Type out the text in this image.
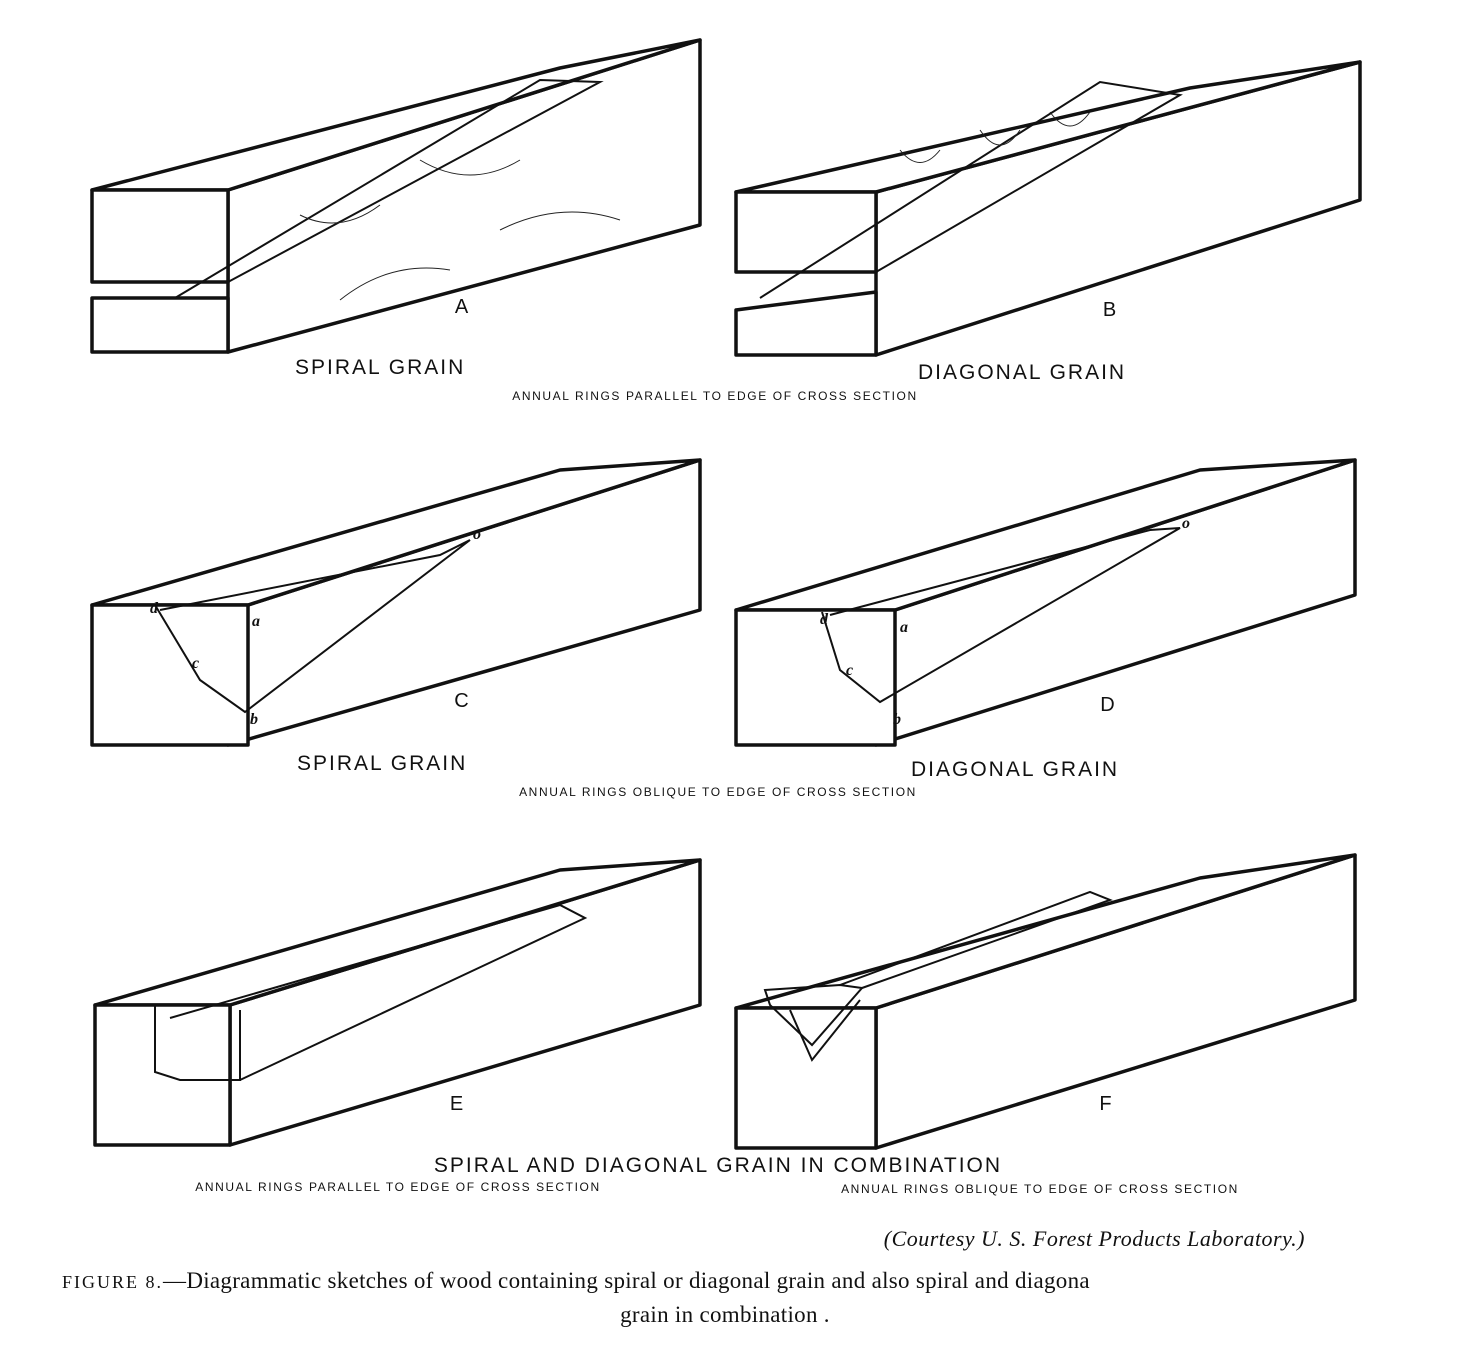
A	B
SPIRAL GRAIN	DIAGONAL GRAIN
ANNUAL RINGS PARALLEL TO EDGE OF CROSS SECTION
o
d
a
c
b
C
o
d	a
c
b
D
SPIRAL GRAIN	DIAGONAL GRAIN
ANNUAL RINGS OBLIQUE TO EDGE OF CROSS SECTION
E	F
SPIRAL AND DIAGONAL GRAIN IN COMBINATION
ANNUAL RINGS PARALLEL TO EDGE OF CROSS SECTION	ANNUAL RINGS OBLIQUE TO EDGE OF CROSS SECTION
(Courtesy U. S. Forest Products Laboratory.)
FIGURE 8.—Diagrammatic sketches of wood containing spiral or diagonal grain and also spiral and diagona
grain in combination .
